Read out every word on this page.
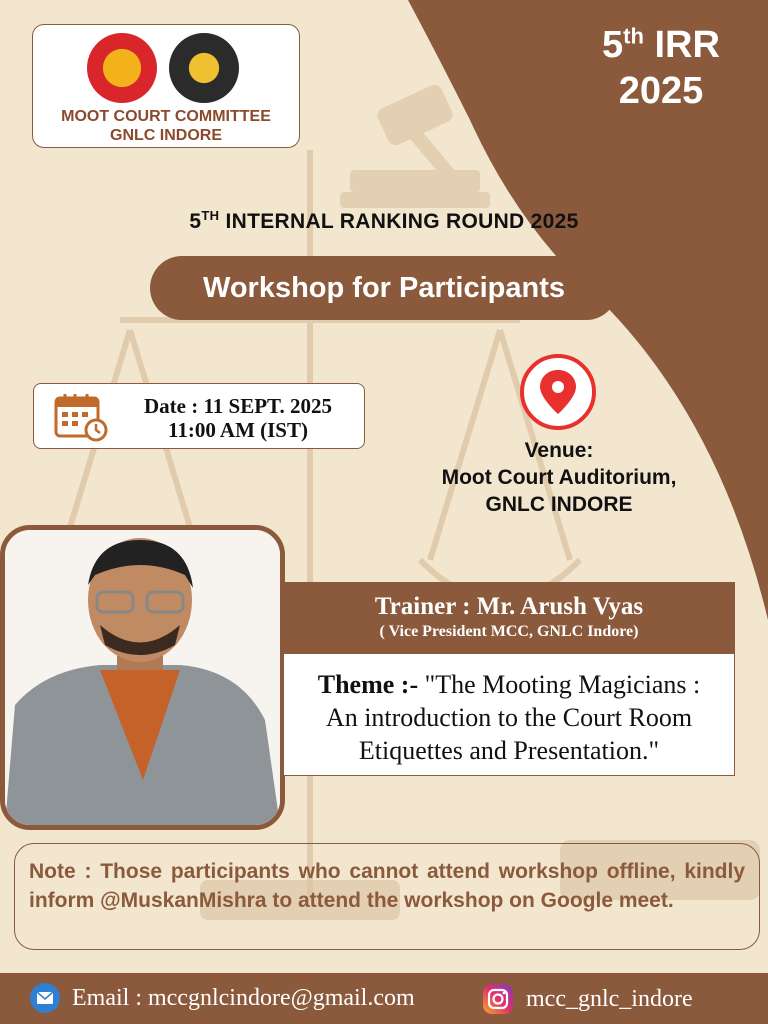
5th IRR
2025
MOOT COURT COMMITTEE
GNLC INDORE
5TH INTERNAL RANKING ROUND 2025
Workshop for Participants
Date : 11 SEPT. 2025
11:00 AM (IST)
Venue:
Moot Court Auditorium,
GNLC INDORE
Trainer : Mr. Arush Vyas
( Vice President MCC, GNLC Indore)
Theme :- "The Mooting Magicians : An introduction to the Court Room Etiquettes and Presentation."
Note : Those participants who cannot attend workshop offline, kindly inform @MuskanMishra to attend the workshop on Google meet.
Email : mccgnlcindore@gmail.com	mcc_gnlc_indore
